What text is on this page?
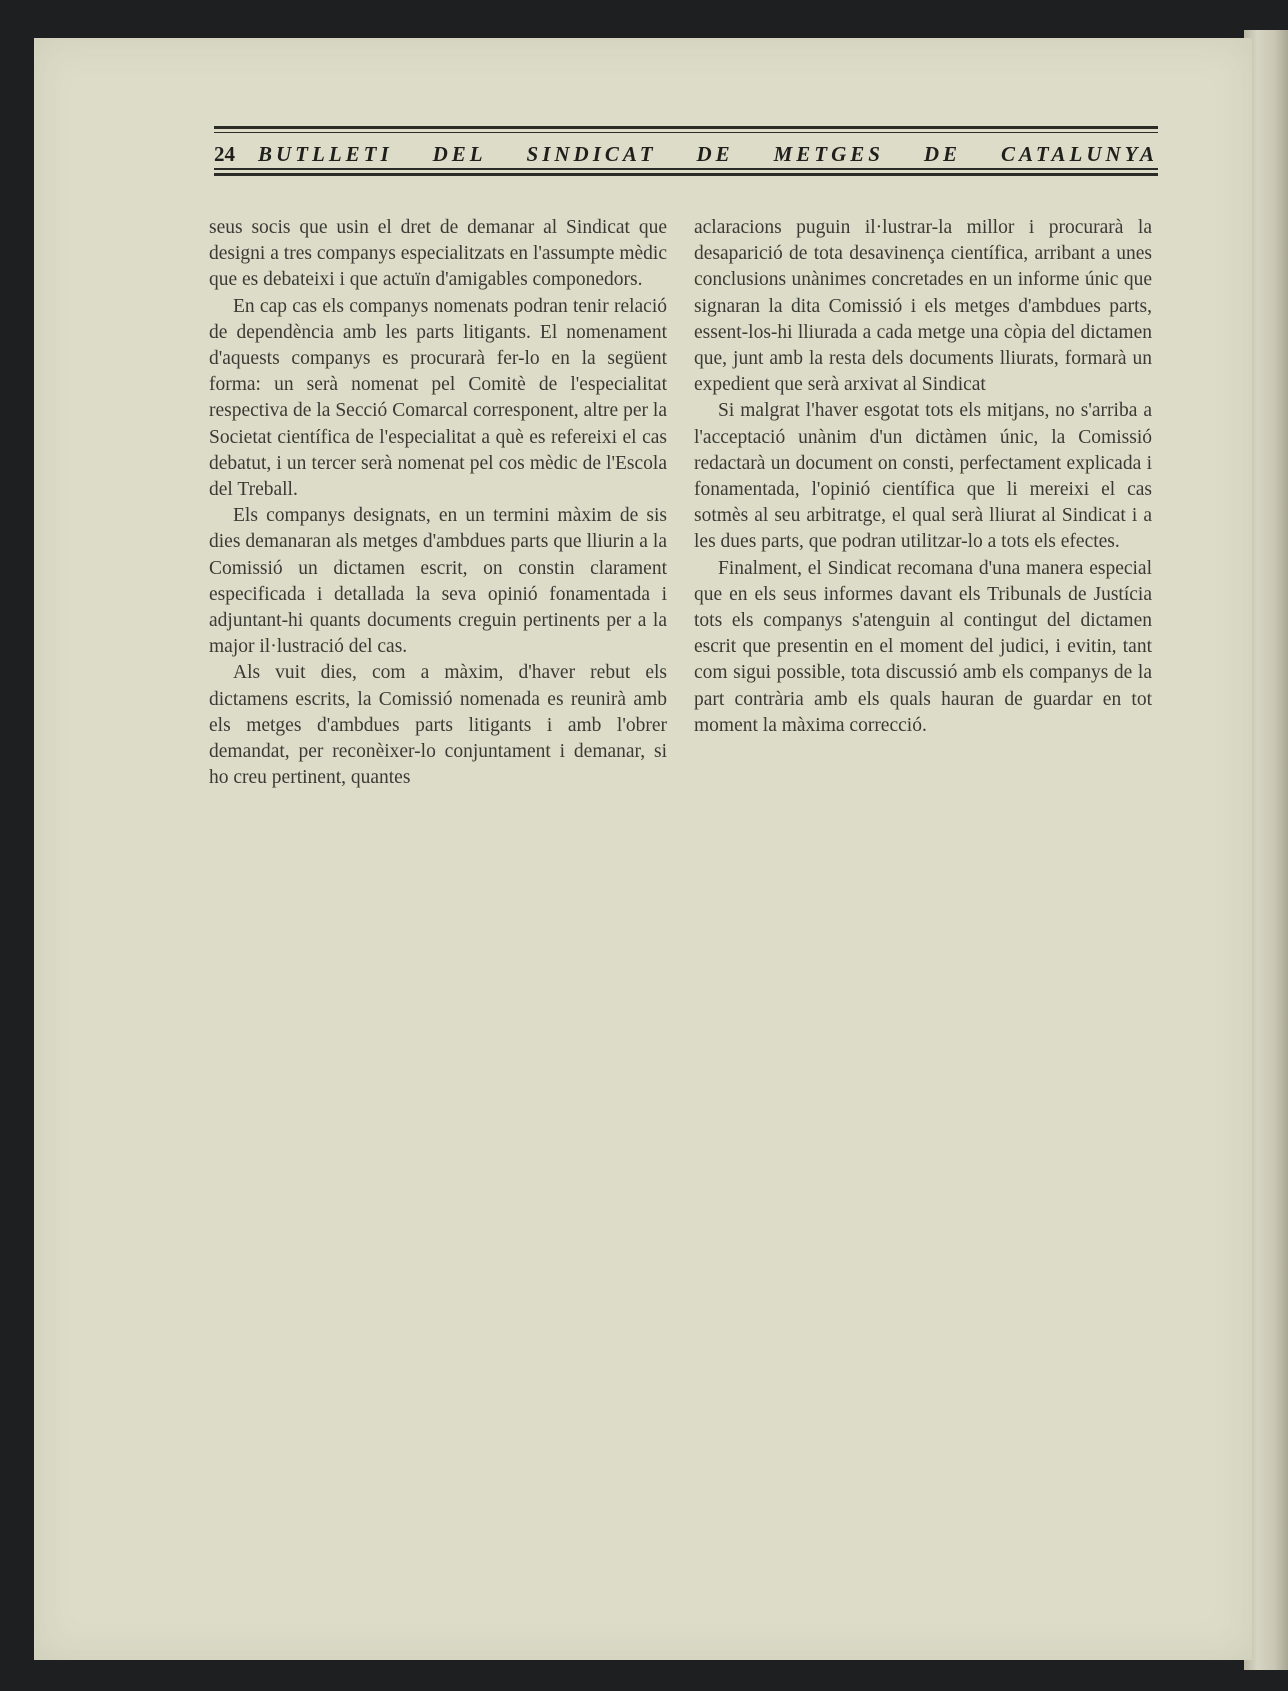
24	BUTLLETI DEL SINDICAT DE METGES DE CATALUNYA

seus socis que usin el dret de demanar al Sindicat que designi a tres companys especialitzats en l'assumpte mèdic que es debateixi i que actuïn d'amigables componedors.

En cap cas els companys nomenats podran tenir relació de dependència amb les parts litigants. El nomenament d'aquests companys es procurarà fer-lo en la següent forma: un serà nomenat pel Comitè de l'especialitat respectiva de la Secció Comarcal corresponent, altre per la Societat científica de l'especialitat a què es refereixi el cas debatut, i un tercer serà nomenat pel cos mèdic de l'Escola del Treball.

Els companys designats, en un termini màxim de sis dies demanaran als metges d'ambdues parts que lliurin a la Comissió un dictamen escrit, on constin clarament especificada i detallada la seva opinió fonamentada i adjuntant-hi quants documents creguin pertinents per a la major il·lustració del cas.

Als vuit dies, com a màxim, d'haver rebut els dictamens escrits, la Comissió nomenada es reunirà amb els metges d'ambdues parts litigants i amb l'obrer demandat, per reconèixer-lo conjuntament i demanar, si ho creu pertinent, quantes

aclaracions puguin il·lustrar-la millor i procurarà la desaparició de tota desavinença científica, arribant a unes conclusions unànimes concretades en un informe únic que signaran la dita Comissió i els metges d'ambdues parts, essent-los-hi lliurada a cada metge una còpia del dictamen que, junt amb la resta dels documents lliurats, formarà un expedient que serà arxivat al Sindicat

Si malgrat l'haver esgotat tots els mitjans, no s'arriba a l'acceptació unànim d'un dictàmen únic, la Comissió redactarà un document on consti, perfectament explicada i fonamentada, l'opinió científica que li mereixi el cas sotmès al seu arbitratge, el qual serà lliurat al Sindicat i a les dues parts, que podran utilitzar-lo a tots els efectes.

Finalment, el Sindicat recomana d'una manera especial que en els seus informes davant els Tribunals de Justícia tots els companys s'atenguin al contingut del dictamen escrit que presentin en el moment del judici, i evitin, tant com sigui possible, tota discussió amb els companys de la part contrària amb els quals hauran de guardar en tot moment la màxima correcció.
